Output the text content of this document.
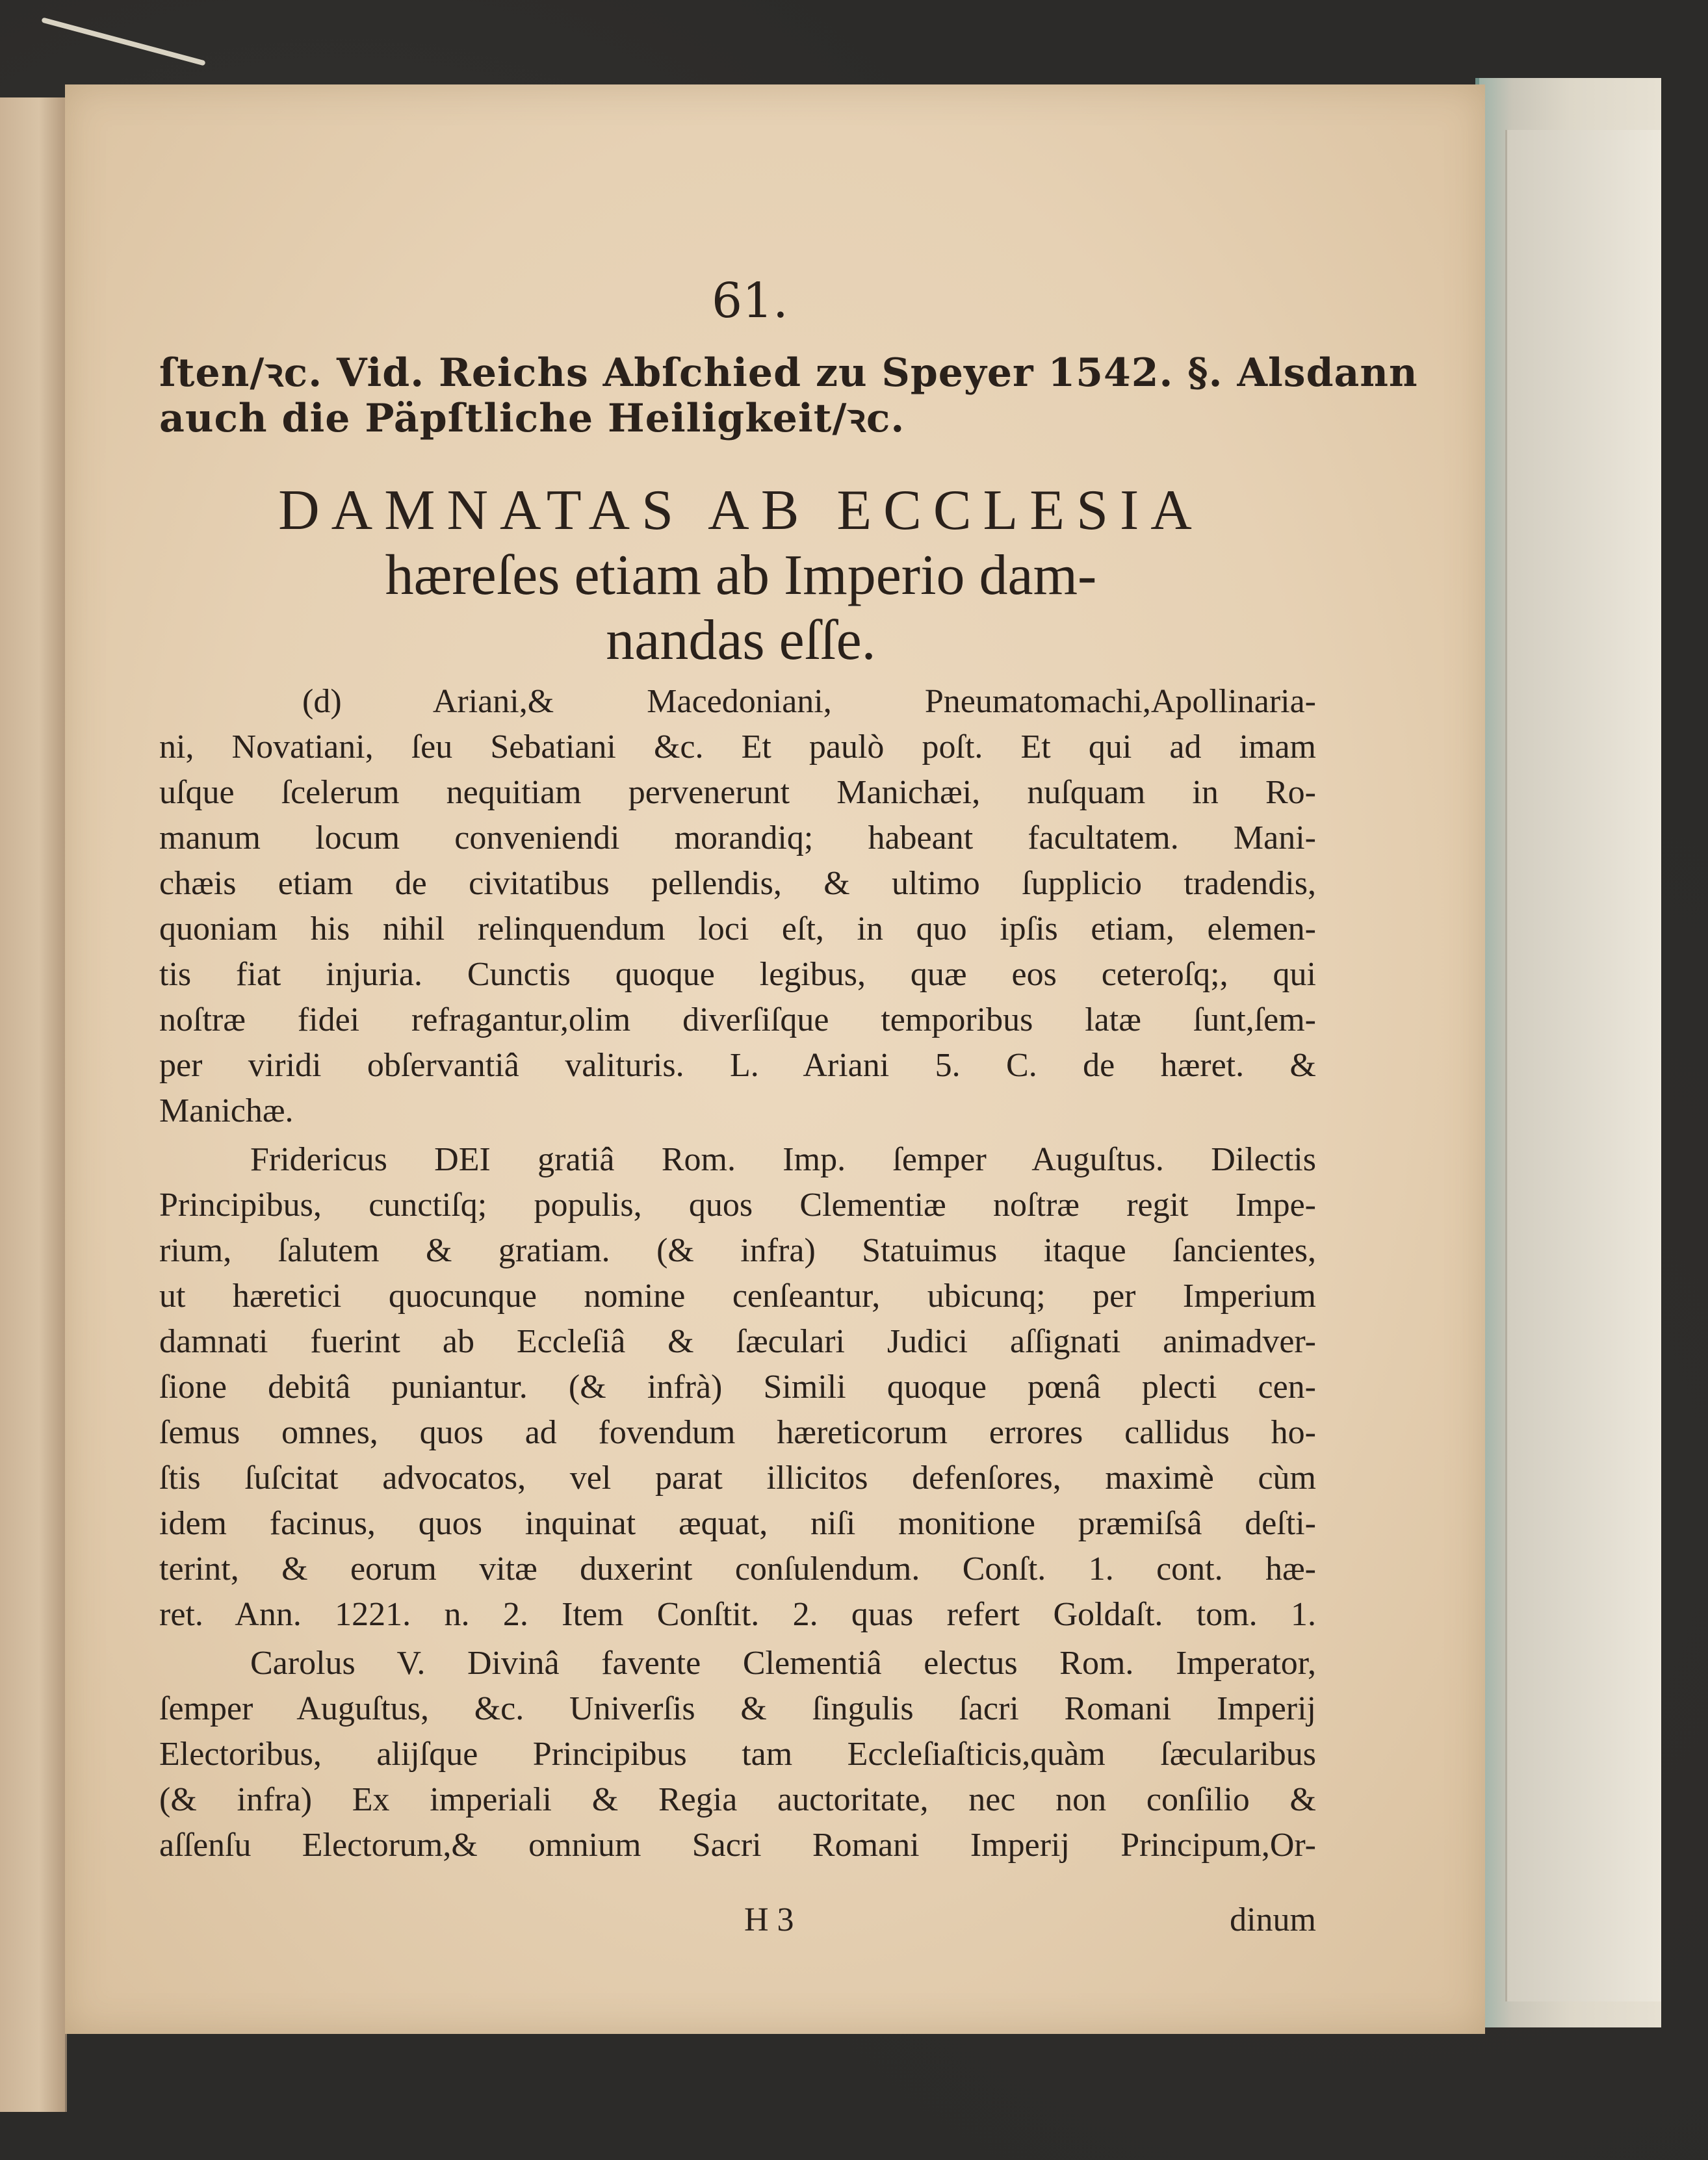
61.
ſten/ꝛc. Vid. Reichs Abſchied zu Speyer 1542. §. Alsdann
auch die Päpſtliche Heiligkeit/ꝛc.
DAMNATAS AB ECCLESIA
hæreſes etiam ab Imperio dam-
nandas eſſe.
(d) Ariani,& Macedoniani, Pneumatomachi,Apollinaria-
ni, Novatiani, ſeu Sebatiani &c. Et paulò poſt. Et qui ad imam
uſque ſcelerum nequitiam pervenerunt Manichæi, nuſquam in Ro-
manum locum conveniendi morandiq; habeant facultatem. Mani-
chæis etiam de civitatibus pellendis, & ultimo ſupplicio tradendis,
quoniam his nihil relinquendum loci eſt, in quo ipſis etiam, elemen-
tis fiat injuria. Cunctis quoque legibus, quæ eos ceteroſq;, qui
noſtræ fidei refragantur,olim diverſiſque temporibus latæ ſunt,ſem-
per viridi obſervantiâ valituris. L. Ariani 5. C. de hæret. &
Manichæ.
Fridericus DEI gratiâ Rom. Imp. ſemper Auguſtus. Dilectis
Principibus, cunctiſq; populis, quos Clementiæ noſtræ regit Impe-
rium, ſalutem & gratiam. (& infra) Statuimus itaque ſancientes,
ut hæretici quocunque nomine cenſeantur, ubicunq; per Imperium
damnati fuerint ab Eccleſiâ & ſæculari Judici aſſignati animadver-
ſione debitâ puniantur. (& infrà) Simili quoque pœnâ plecti cen-
ſemus omnes, quos ad fovendum hæreticorum errores callidus ho-
ſtis ſuſcitat advocatos, vel parat illicitos defenſores, maximè cùm
idem facinus, quos inquinat æquat, niſi monitione præmiſsâ deſti-
terint, & eorum vitæ duxerint conſulendum. Conſt. 1. cont. hæ-
ret. Ann. 1221. n. 2. Item Conſtit. 2. quas refert Goldaſt. tom. 1.
Carolus V. Divinâ favente Clementiâ electus Rom. Imperator,
ſemper Auguſtus, &c. Univerſis & ſingulis ſacri Romani Imperij
Electoribus, alijſque Principibus tam Eccleſiaſticis,quàm ſæcularibus
(& infra) Ex imperiali & Regia auctoritate, nec non conſilio &
aſſenſu Electorum,& omnium Sacri Romani Imperij Principum,Or-
H 3	dinum
